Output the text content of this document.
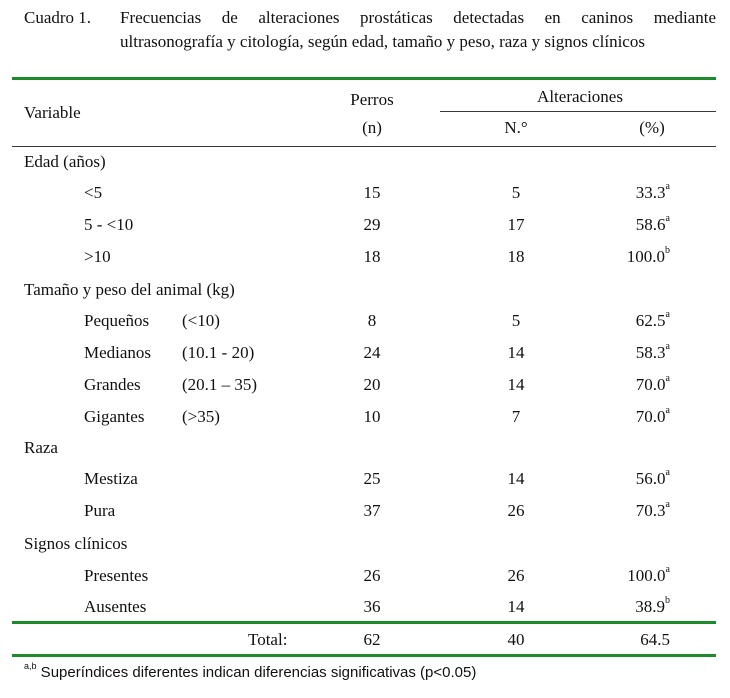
Cuadro 1.	Frecuencias de alteraciones prostáticas detectadas en caninos mediante
ultrasonografía y citología, según edad, tamaño y peso, raza y signos clínicos
Variable
Perros
(n)
Alteraciones
N.°	(%)
Edad (años)
<5	15	5	33.3$^a$
5 - <10	29	17	58.6$^a$
>10	18	18	100.0$^b$
Tamaño y peso del animal (kg)
Pequeños (<10)	8	5	62.5$^a$
Medianos (10.1 - 20)	24	14	58.3$^a$
Grandes (20.1 – 35)	20	14	70.0$^a$
Gigantes (>35)	10	7	70.0$^a$
Raza
Mestiza	25	14	56.0$^a$
Pura	37	26	70.3$^a$
Signos clínicos
Presentes	26	26	100.0$^a$
Ausentes	36	14	38.9$^b$
Total:	62	40	64.5
$^{a,b}$ Superíndices diferentes indican diferencias significativas (p<0.05)
